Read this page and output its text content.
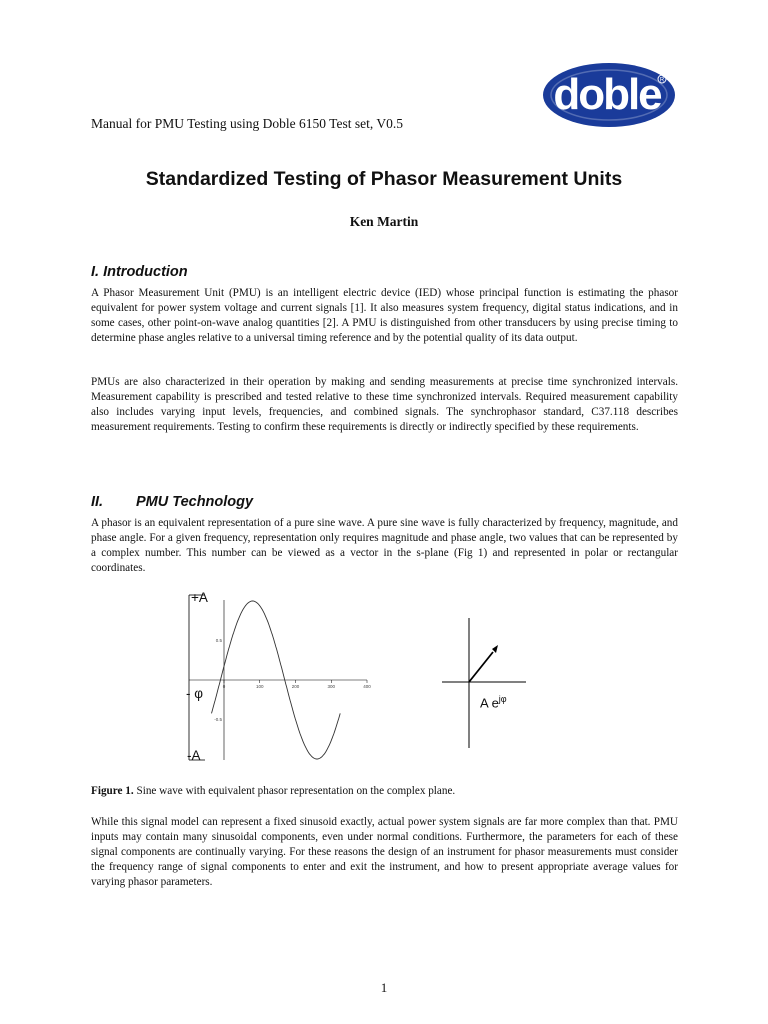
doble R
Manual for PMU Testing using Doble 6150 Test set, V0.5
Standardized Testing of Phasor Measurement Units
Ken Martin
I. Introduction

A Phasor Measurement Unit (PMU) is an intelligent electric device (IED) whose principal function is estimating the phasor equivalent for power system voltage and current signals [1]. It also measures system frequency, digital status indications, and in some cases, other point-on-wave analog quantities [2]. A PMU is distinguished from other transducers by using precise timing to determine phase angles relative to a universal timing reference and by the potential quality of its data output.

PMUs are also characterized in their operation by making and sending measurements at precise time synchronized intervals. Measurement capability is prescribed and tested relative to these time synchronized intervals. Required measurement capability also includes varying input levels, frequencies, and combined signals. The synchrophasor standard, C37.118 describes measurement requirements. Testing to confirm these requirements is directly or indirectly specified by these requirements.

II. PMU Technology

A phasor is an equivalent representation of a pure sine wave. A pure sine wave is fully characterized by frequency, magnitude, and phase angle. For a given frequency, representation only requires magnitude and phase angle, two values that can be represented by a complex number. This number can be viewed as a vector in the s-plane (Fig 1) and represented in polar or rectangular coordinates.

0	100	200	300	400
0.5
-0.5
+A
- φ
-A
A $e^{j\varphi}$
Figure 1. Sine wave with equivalent phasor representation on the complex plane.

While this signal model can represent a fixed sinusoid exactly, actual power system signals are far more complex than that. PMU inputs may contain many sinusoidal components, even under normal conditions. Furthermore, the parameters for each of these signal components are continually varying. For these reasons the design of an instrument for phasor measurements must consider the frequency range of signal components to enter and exit the instrument, and how to present appropriate average values for varying phasor parameters.

1
